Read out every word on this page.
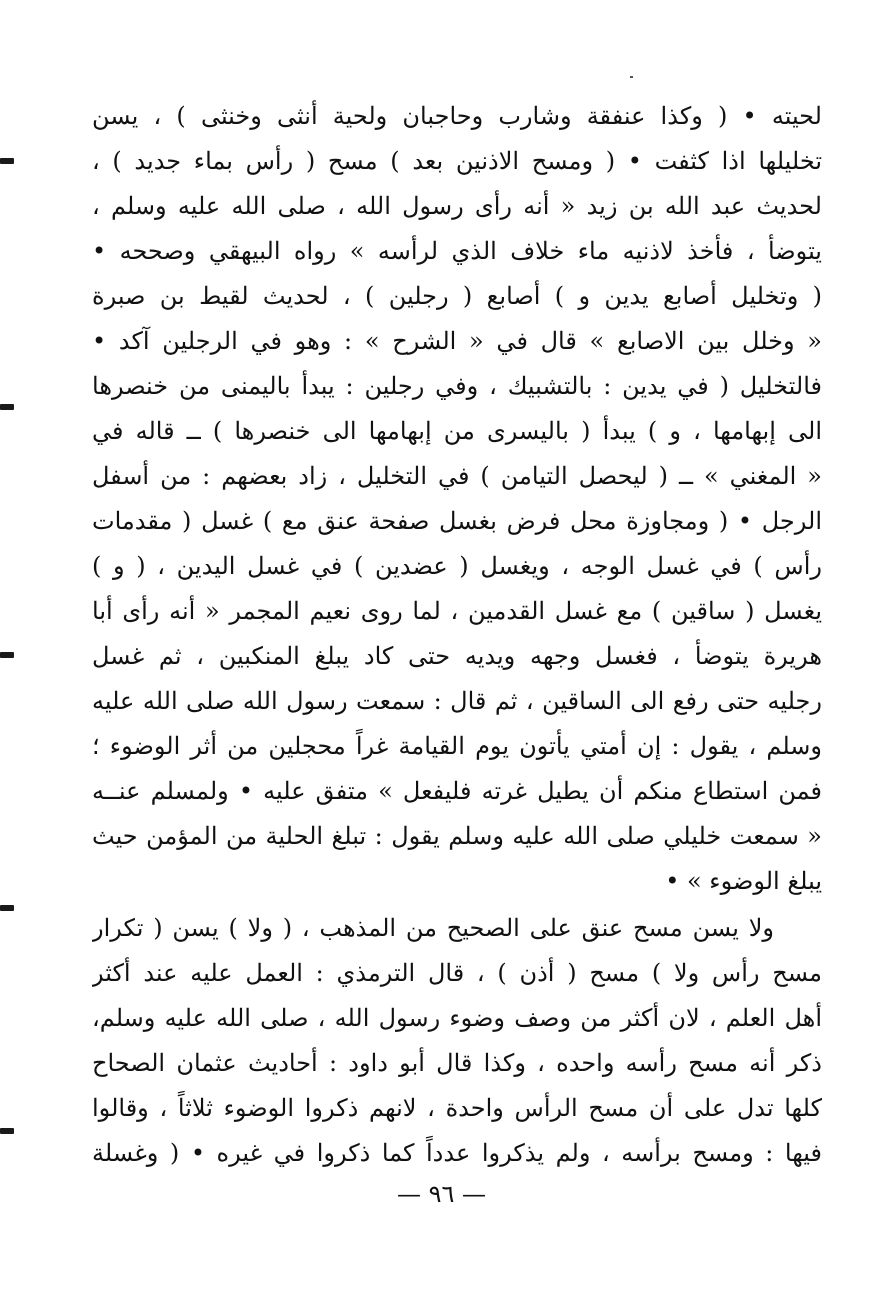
لحيته • ( وكذا عنفقة وشارب وحاجبان ولحية أنثى وخنثى ) ، يسن
تخليلها اذا كثفت • ( ومسح الاذنين بعد ) مسح ( رأس بماء جديد ) ،
لحديث عبد الله بن زيد « أنه رأى رسول الله ، صلى الله عليه وسلم ،
يتوضأ ، فأخذ لاذنيه ماء خلاف الذي لرأسه » رواه البيهقي وصححه •
( وتخليل أصابع يدين و ) أصابع ( رجلين ) ، لحديث لقيط بن صبرة
« وخلل بين الاصابع » قال في « الشرح » : وهو في الرجلين آكد •
فالتخليل ( في يدين : بالتشبيك ، وفي رجلين : يبدأ باليمنى من خنصرها
الى إبهامها ، و ) يبدأ ( باليسرى من إبهامها الى خنصرها ) ــ قاله في
« المغني » ــ ( ليحصل التيامن ) في التخليل ، زاد بعضهم : من أسفل
الرجل • ( ومجاوزة محل فرض بغسل صفحة عنق مع ) غسل ( مقدمات
رأس ) في غسل الوجه ، ويغسل ( عضدين ) في غسل اليدين ، ( و )
يغسل ( ساقين ) مع غسل القدمين ، لما روى نعيم المجمر « أنه رأى أبا
هريرة يتوضأ ، فغسل وجهه ويديه حتى كاد يبلغ المنكبين ، ثم غسل
رجليه حتى رفع الى الساقين ، ثم قال : سمعت رسول الله صلى الله عليه
وسلم ، يقول : إن أمتي يأتون يوم القيامة غراً محجلين من أثر الوضوء ؛
فمن استطاع منكم أن يطيل غرته فليفعل » متفق عليه • ولمسلم عنــه
« سمعت خليلي صلى الله عليه وسلم يقول : تبلغ الحلية من المؤمن حيث
يبلغ الوضوء » •
ولا يسن مسح عنق على الصحيح من المذهب ، ( ولا ) يسن ( تكرار
مسح رأس ولا ) مسح ( أذن ) ، قال الترمذي : العمل عليه عند أكثر
أهل العلم ، لان أكثر من وصف وضوء رسول الله ، صلى الله عليه وسلم،
ذكر أنه مسح رأسه واحده ، وكذا قال أبو داود : أحاديث عثمان الصحاح
كلها تدل على أن مسح الرأس واحدة ، لانهم ذكروا الوضوء ثلاثاً ، وقالوا
فيها : ومسح برأسه ، ولم يذكروا عدداً كما ذكروا في غيره • ( وغسلة
— ٩٦ —
